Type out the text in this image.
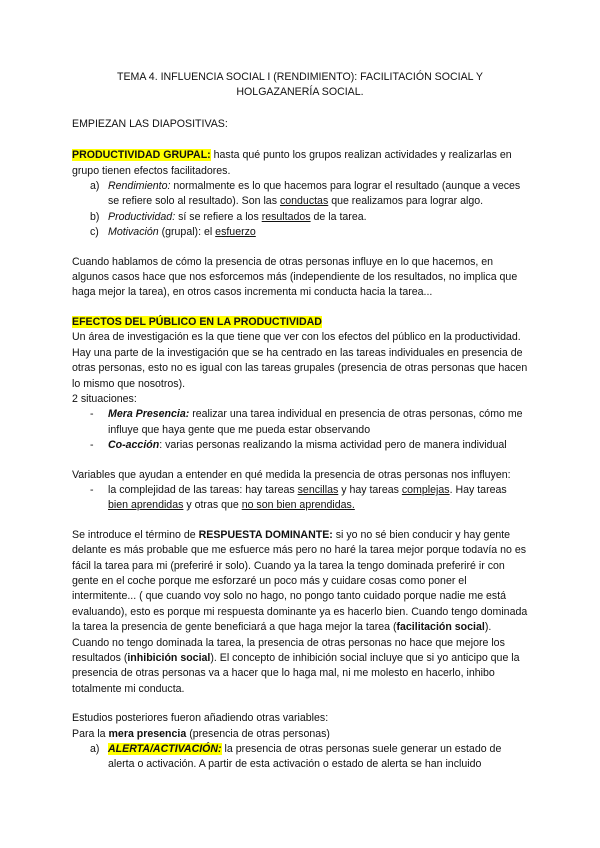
TEMA 4. INFLUENCIA SOCIAL I (RENDIMIENTO): FACILITACIÓN SOCIAL Y
HOLGAZANERÍA SOCIAL.

EMPIEZAN LAS DIAPOSITIVAS:

PRODUCTIVIDAD GRUPAL: hasta qué punto los grupos realizan actividades y realizarlas en grupo tienen efectos facilitadores.

a) Rendimiento: normalmente es lo que hacemos para lograr el resultado (aunque a veces se refiere solo al resultado). Son las conductas que realizamos para lograr algo.
b) Productividad: sí se refiere a los resultados de la tarea.
c) Motivación (grupal): el esfuerzo

Cuando hablamos de cómo la presencia de otras personas influye en lo que hacemos, en algunos casos hace que nos esforcemos más (independiente de los resultados, no implica que haga mejor la tarea), en otros casos incrementa mi conducta hacia la tarea...

EFECTOS DEL PÚBLICO EN LA PRODUCTIVIDAD

Un área de investigación es la que tiene que ver con los efectos del público en la productividad. Hay una parte de la investigación que se ha centrado en las tareas individuales en presencia de otras personas, esto no es igual con las tareas grupales (presencia de otras personas que hacen lo mismo que nosotros).

2 situaciones:

- Mera Presencia: realizar una tarea individual en presencia de otras personas, cómo me influye que haya gente que me pueda estar observando
- Co-acción: varias personas realizando la misma actividad pero de manera individual

Variables que ayudan a entender en qué medida la presencia de otras personas nos influyen:

- la complejidad de las tareas: hay tareas sencillas y hay tareas complejas. Hay tareas bien aprendidas y otras que no son bien aprendidas.

Se introduce el término de RESPUESTA DOMINANTE: si yo no sé bien conducir y hay gente delante es más probable que me esfuerce más pero no haré la tarea mejor porque todavía no es fácil la tarea para mi (preferiré ir solo). Cuando ya la tarea la tengo dominada preferiré ir con gente en el coche porque me esforzaré un poco más y cuidare cosas como poner el intermitente... ( que cuando voy solo no hago, no pongo tanto cuidado porque nadie me está evaluando), esto es porque mi respuesta dominante ya es hacerlo bien. Cuando tengo dominada la tarea la presencia de gente beneficiará a que haga mejor la tarea (facilitación social). Cuando no tengo dominada la tarea, la presencia de otras personas no hace que mejore los resultados (inhibición social). El concepto de inhibición social incluye que si yo anticipo que la presencia de otras personas va a hacer que lo haga mal, ni me molesto en hacerlo, inhibo totalmente mi conducta.

Estudios posteriores fueron añadiendo otras variables:

Para la mera presencia (presencia de otras personas)

a) ALERTA/ACTIVACIÓN: la presencia de otras personas suele generar un estado de alerta o activación. A partir de esta activación o estado de alerta se han incluido
